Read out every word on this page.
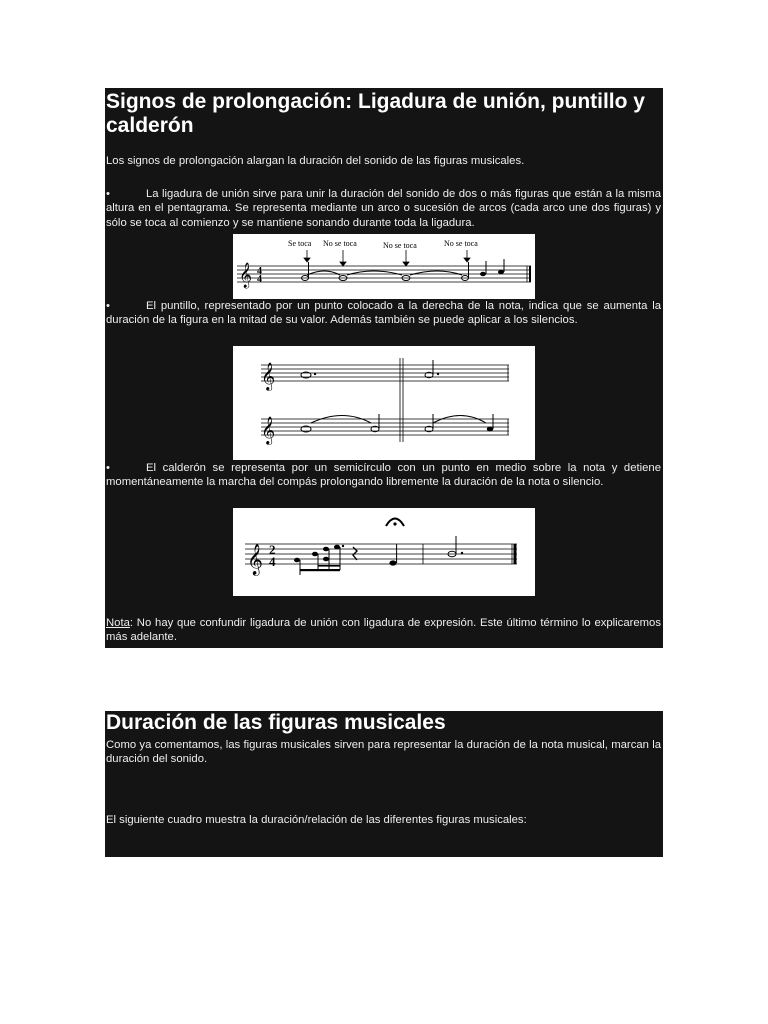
Signos de prolongación: Ligadura de unión, puntillo y calderón
Los signos de prolongación alargan la duración del sonido de las figuras musicales.
•	La ligadura de unión sirve para unir la duración del sonido de dos o más figuras que están a la misma altura en el pentagrama. Se representa mediante un arco o sucesión de arcos (cada arco une dos figuras) y sólo se toca al comienzo y se mantiene sonando durante toda la ligadura.
𝄞 4
4
Se toca No se toca	No se toca	No se toca
•	El puntillo, representado por un punto colocado a la derecha de la nota, indica que se aumenta la duración de la figura en la mitad de su valor. Además también se puede aplicar a los silencios.
𝄞
𝄞
•	El calderón se representa por un semicírculo con un punto en medio sobre la nota y detiene momentáneamente la marcha del compás prolongando libremente la duración de la nota o silencio.
𝄞 2
4
Nota: No hay que confundir ligadura de unión con ligadura de expresión. Este último término lo explicaremos más adelante.
Duración de las figuras musicales
Como ya comentamos, las figuras musicales sirven para representar la duración de la nota musical, marcan la duración del sonido.
El siguiente cuadro muestra la duración/relación de las diferentes figuras musicales:
